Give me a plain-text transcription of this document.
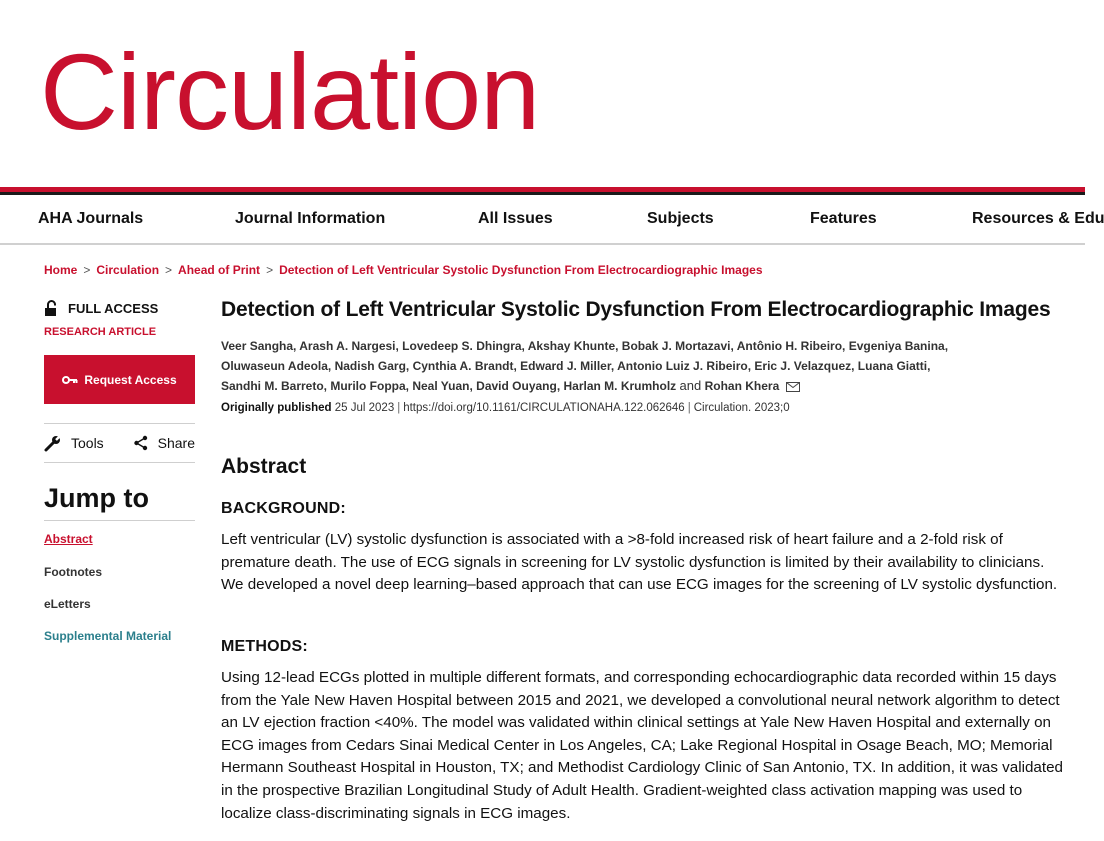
Circulation
AHA Journals	Journal Information	All Issues	Subjects	Features	Resources & Edu
Home > Circulation > Ahead of Print > Detection of Left Ventricular Systolic Dysfunction From Electrocardiographic Images
FULL ACCESS
RESEARCH ARTICLE
Request Access
Tools	Share
Jump to
Abstract
Footnotes
eLetters
Supplemental Material
Detection of Left Ventricular Systolic Dysfunction From Electrocardiographic Images
Veer Sangha, Arash A. Nargesi, Lovedeep S. Dhingra, Akshay Khunte, Bobak J. Mortazavi, Antônio H. Ribeiro, Evgeniya Banina,
Oluwaseun Adeola, Nadish Garg, Cynthia A. Brandt, Edward J. Miller, Antonio Luiz J. Ribeiro, Eric J. Velazquez, Luana Giatti,
Sandhi M. Barreto, Murilo Foppa, Neal Yuan, David Ouyang, Harlan M. Krumholz and Rohan Khera
Originally published 25 Jul 2023 | https://doi.org/10.1161/CIRCULATIONAHA.122.062646 | Circulation. 2023;0
Abstract
BACKGROUND:
Left ventricular (LV) systolic dysfunction is associated with a >8-fold increased risk of heart failure and a 2-fold risk of premature death. The use of ECG signals in screening for LV systolic dysfunction is limited by their availability to clinicians. We developed a novel deep learning–based approach that can use ECG images for the screening of LV systolic dysfunction.
METHODS:
Using 12-lead ECGs plotted in multiple different formats, and corresponding echocardiographic data recorded within 15 days from the Yale New Haven Hospital between 2015 and 2021, we developed a convolutional neural network algorithm to detect an LV ejection fraction <40%. The model was validated within clinical settings at Yale New Haven Hospital and externally on ECG images from Cedars Sinai Medical Center in Los Angeles, CA; Lake Regional Hospital in Osage Beach, MO; Memorial Hermann Southeast Hospital in Houston, TX; and Methodist Cardiology Clinic of San Antonio, TX. In addition, it was validated in the prospective Brazilian Longitudinal Study of Adult Health. Gradient-weighted class activation mapping was used to localize class-discriminating signals in ECG images.
